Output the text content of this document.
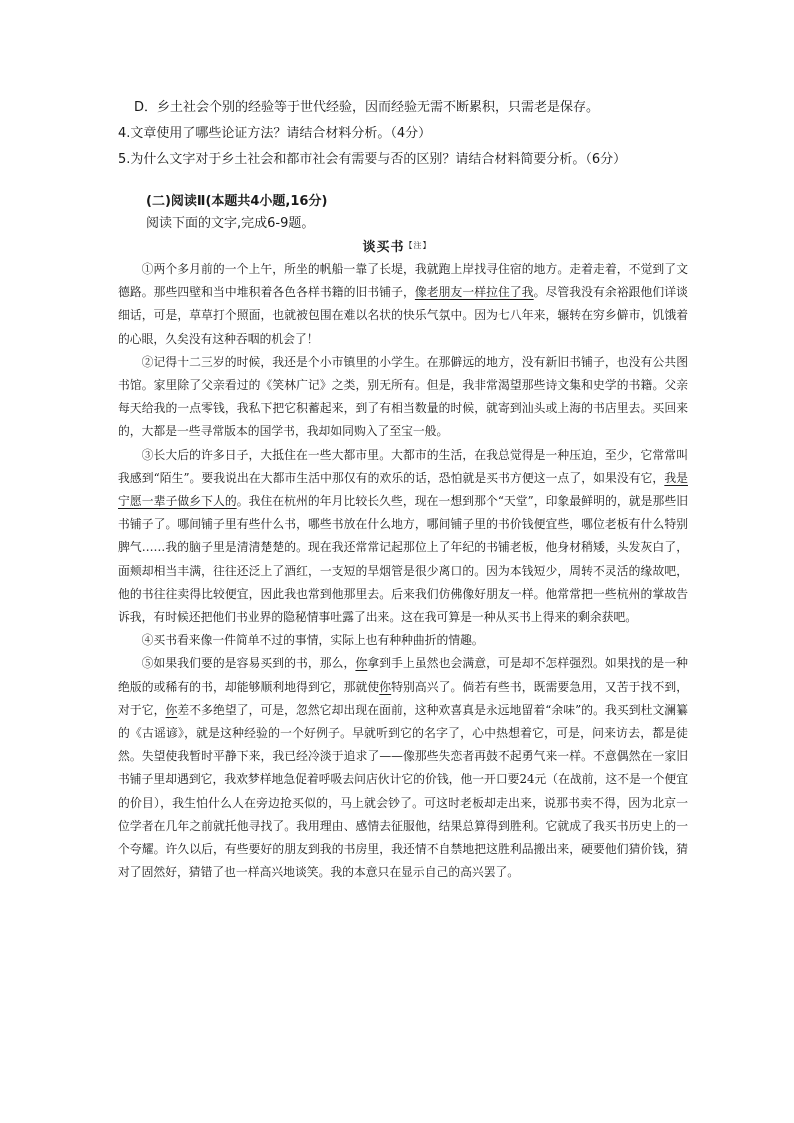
D．乡土社会个别的经验等于世代经验，因而经验无需不断累积，只需老是保存。
4.文章使用了哪些论证方法？请结合材料分析。（4分）
5.为什么文字对于乡土社会和都市社会有需要与否的区别？请结合材料简要分析。（6分）
(二)阅读Ⅱ(本题共4小题,16分)
阅读下面的文字,完成6-9题。
谈买书$^{【注】}$

①两个多月前的一个上午，所坐的帆船一靠了长堤，我就跑上岸找寻住宿的地方。走着走着，不觉到了文德路。那些四壁和当中堆积着各色各样书籍的旧书铺子，像老朋友一样拉住了我。尽管我没有余裕跟他们详谈细话，可是，草草打个照面，也就被包围在难以名状的快乐气氛中。因为七八年来，辗转在穷乡僻市，饥饿着的心眼，久矣没有这种吞咽的机会了！

②记得十二三岁的时候，我还是个小市镇里的小学生。在那僻远的地方，没有新旧书铺子，也没有公共图书馆。家里除了父亲看过的《笑林广记》之类，别无所有。但是，我非常渴望那些诗文集和史学的书籍。父亲每天给我的一点零钱，我私下把它积蓄起来，到了有相当数量的时候，就寄到汕头或上海的书店里去。买回来的，大都是一些寻常版本的国学书，我却如同购入了至宝一般。

③长大后的许多日子，大抵住在一些大都市里。大都市的生活，在我总觉得是一种压迫，至少，它常常叫我感到“陌生”。要我说出在大都市生活中那仅有的欢乐的话，恐怕就是买书方便这一点了，如果没有它，我是宁愿一辈子做乡下人的。我住在杭州的年月比较长久些，现在一想到那个“天堂”，印象最鲜明的，就是那些旧书铺子了。哪间铺子里有些什么书，哪些书放在什么地方，哪间铺子里的书价钱便宜些，哪位老板有什么特别脾气……我的脑子里是清清楚楚的。现在我还常常记起那位上了年纪的书铺老板，他身材稍矮，头发灰白了，面颊却相当丰满，往往还泛上了酒红，一支短的旱烟管是很少离口的。因为本钱短少，周转不灵活的缘故吧，他的书往往卖得比较便宜，因此我也常到他那里去。后来我们仿佛像好朋友一样。他常常把一些杭州的掌故告诉我，有时候还把他们书业界的隐秘情事吐露了出来。这在我可算是一种从买书上得来的剩余获吧。

④买书看来像一件简单不过的事情，实际上也有种种曲折的情趣。

⑤如果我们要的是容易买到的书，那么，你拿到手上虽然也会满意，可是却不怎样强烈。如果找的是一种绝版的或稀有的书，却能够顺利地得到它，那就使你特别高兴了。倘若有些书，既需要急用，又苦于找不到，对于它，你差不多绝望了，可是，忽然它却出现在面前，这种欢喜真是永远地留着“余味”的。我买到杜文澜纂的《古谣谚》，就是这种经验的一个好例子。早就听到它的名字了，心中热想着它，可是，问来访去，都是徒然。失望使我暂时平静下来，我已经冷淡于追求了——像那些失恋者再鼓不起勇气来一样。不意偶然在一家旧书铺子里却遇到它，我欢梦样地急促着呼吸去问店伙计它的价钱，他一开口要24元（在战前，这不是一个便宜的价目），我生怕什么人在旁边抢买似的，马上就会钞了。可这时老板却走出来，说那书卖不得，因为北京一位学者在几年之前就托他寻找了。我用理由、感情去征服他，结果总算得到胜利。它就成了我买书历史上的一个夸耀。许久以后，有些要好的朋友到我的书房里，我还情不自禁地把这胜利品搬出来，硬要他们猜价钱，猜对了固然好，猜错了也一样高兴地谈笑。我的本意只在显示自己的高兴罢了。
